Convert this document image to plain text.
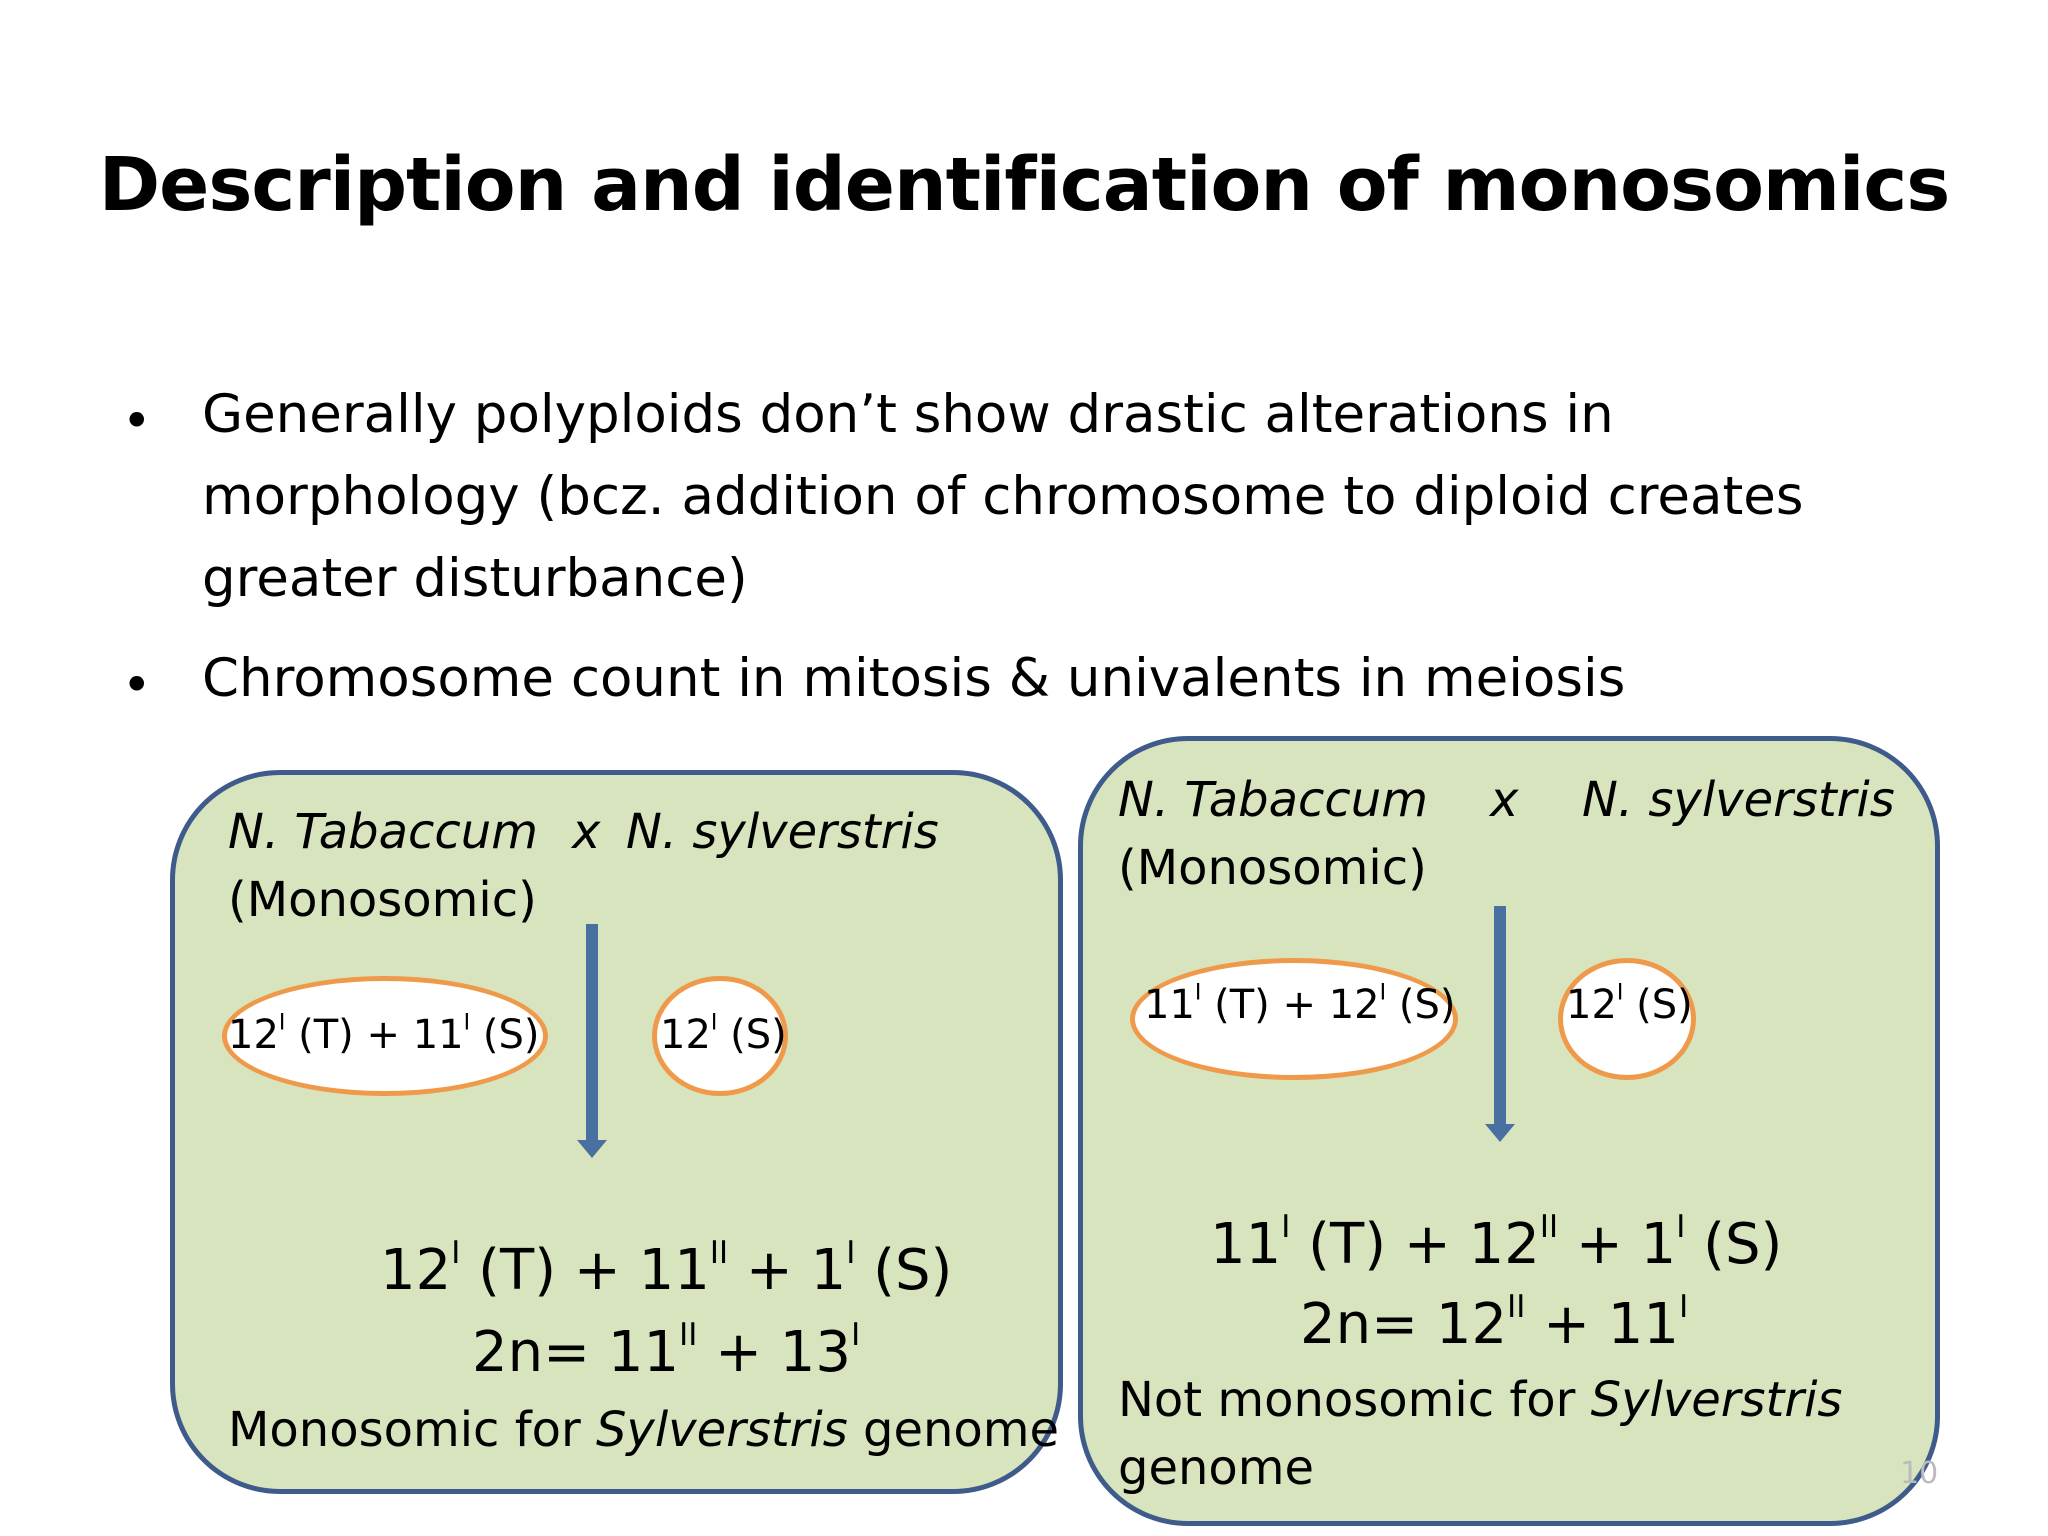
Description and identification of monosomics
• Generally polyploids don’t show drastic alterations in morphology (bcz. addition of chromosome to diploid creates greater disturbance)
• Chromosome count in mitosis & univalents in meiosis
N. Tabaccum x N. sylverstris
(Monosomic)
$12^I$ $(T) + 11^I$ (S)	$12^I$ (S)
$12^I$ $(T) + 11^{II} + 1^I$ (S)
$2n= 11^{II} + 13^I$
Monosomic for Sylverstris genome
N. Tabaccum x N. sylverstris
(Monosomic)
$11^I$ $(T) + 12^I$ (S)	$12^I$ (S)
$11^I$ $(T) + 12^{II} + 1^I$ (S)
$2n= 12^{II} + 11^I$
Not monosomic for Sylverstris
genome	10
